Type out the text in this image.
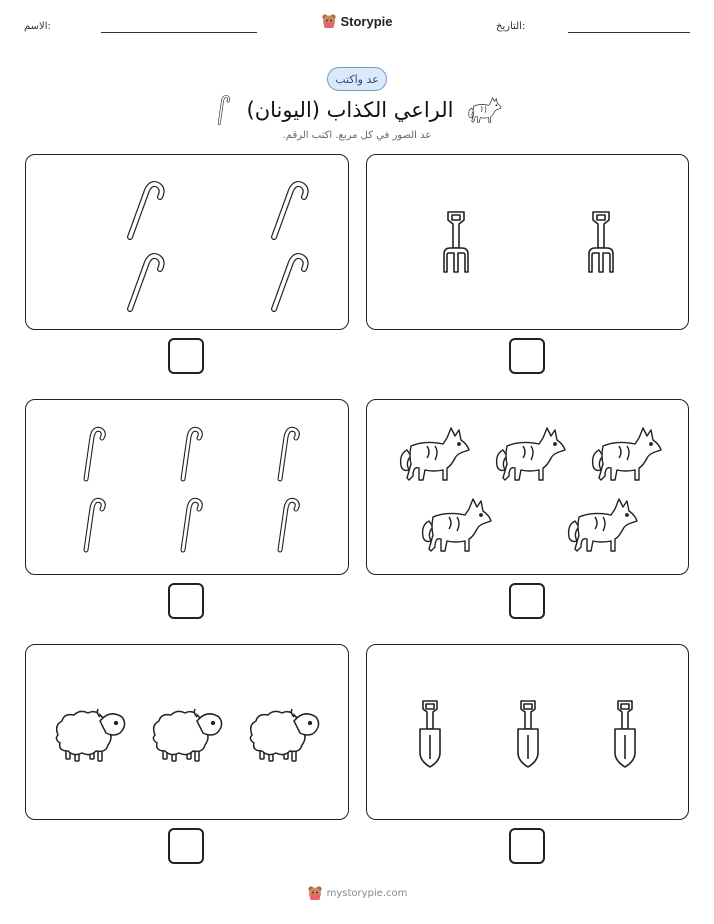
الاسم:	التاريخ:
Storypie
عد واكتب
الراعي الكذاب (اليونان)
عد الصور في كل مربع. اكتب الرقم.
mystorypie.com
